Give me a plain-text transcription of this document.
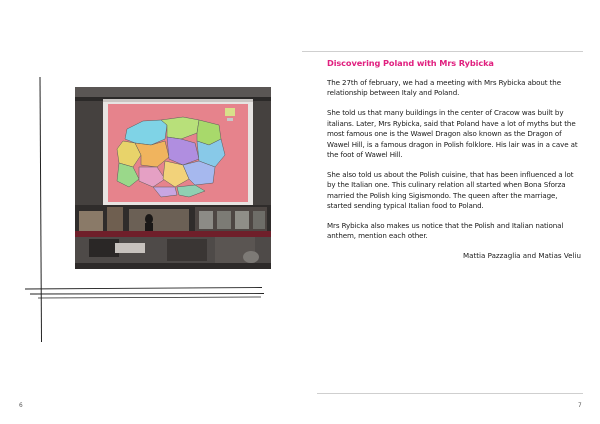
6
Discovering Poland with Mrs Rybicka

The 27th of february, we had a meeting with Mrs Rybicka about the relationship between Italy and Poland.

She told us that many buildings in the center of Cracow was built by italians. Later, Mrs Rybicka, said that Poland have a lot of myths but the most famous one is the Wawel Dragon also known as the Dragon of Wawel Hill, is a famous dragon in Polish folklore. His lair was in a cave at the foot of Wawel Hill.

She also told us about the Polish cuisine, that has been influenced a lot by the Italian one. This culinary relation all started when Bona Sforza married the Polish king Sigismondo. The queen after the marriage, started sending typical Italian food to Poland.

Mrs Rybicka also makes us notice that the Polish and Italian national anthem, mention each other.

Mattia Pazzaglia and Matias Veliu
7
